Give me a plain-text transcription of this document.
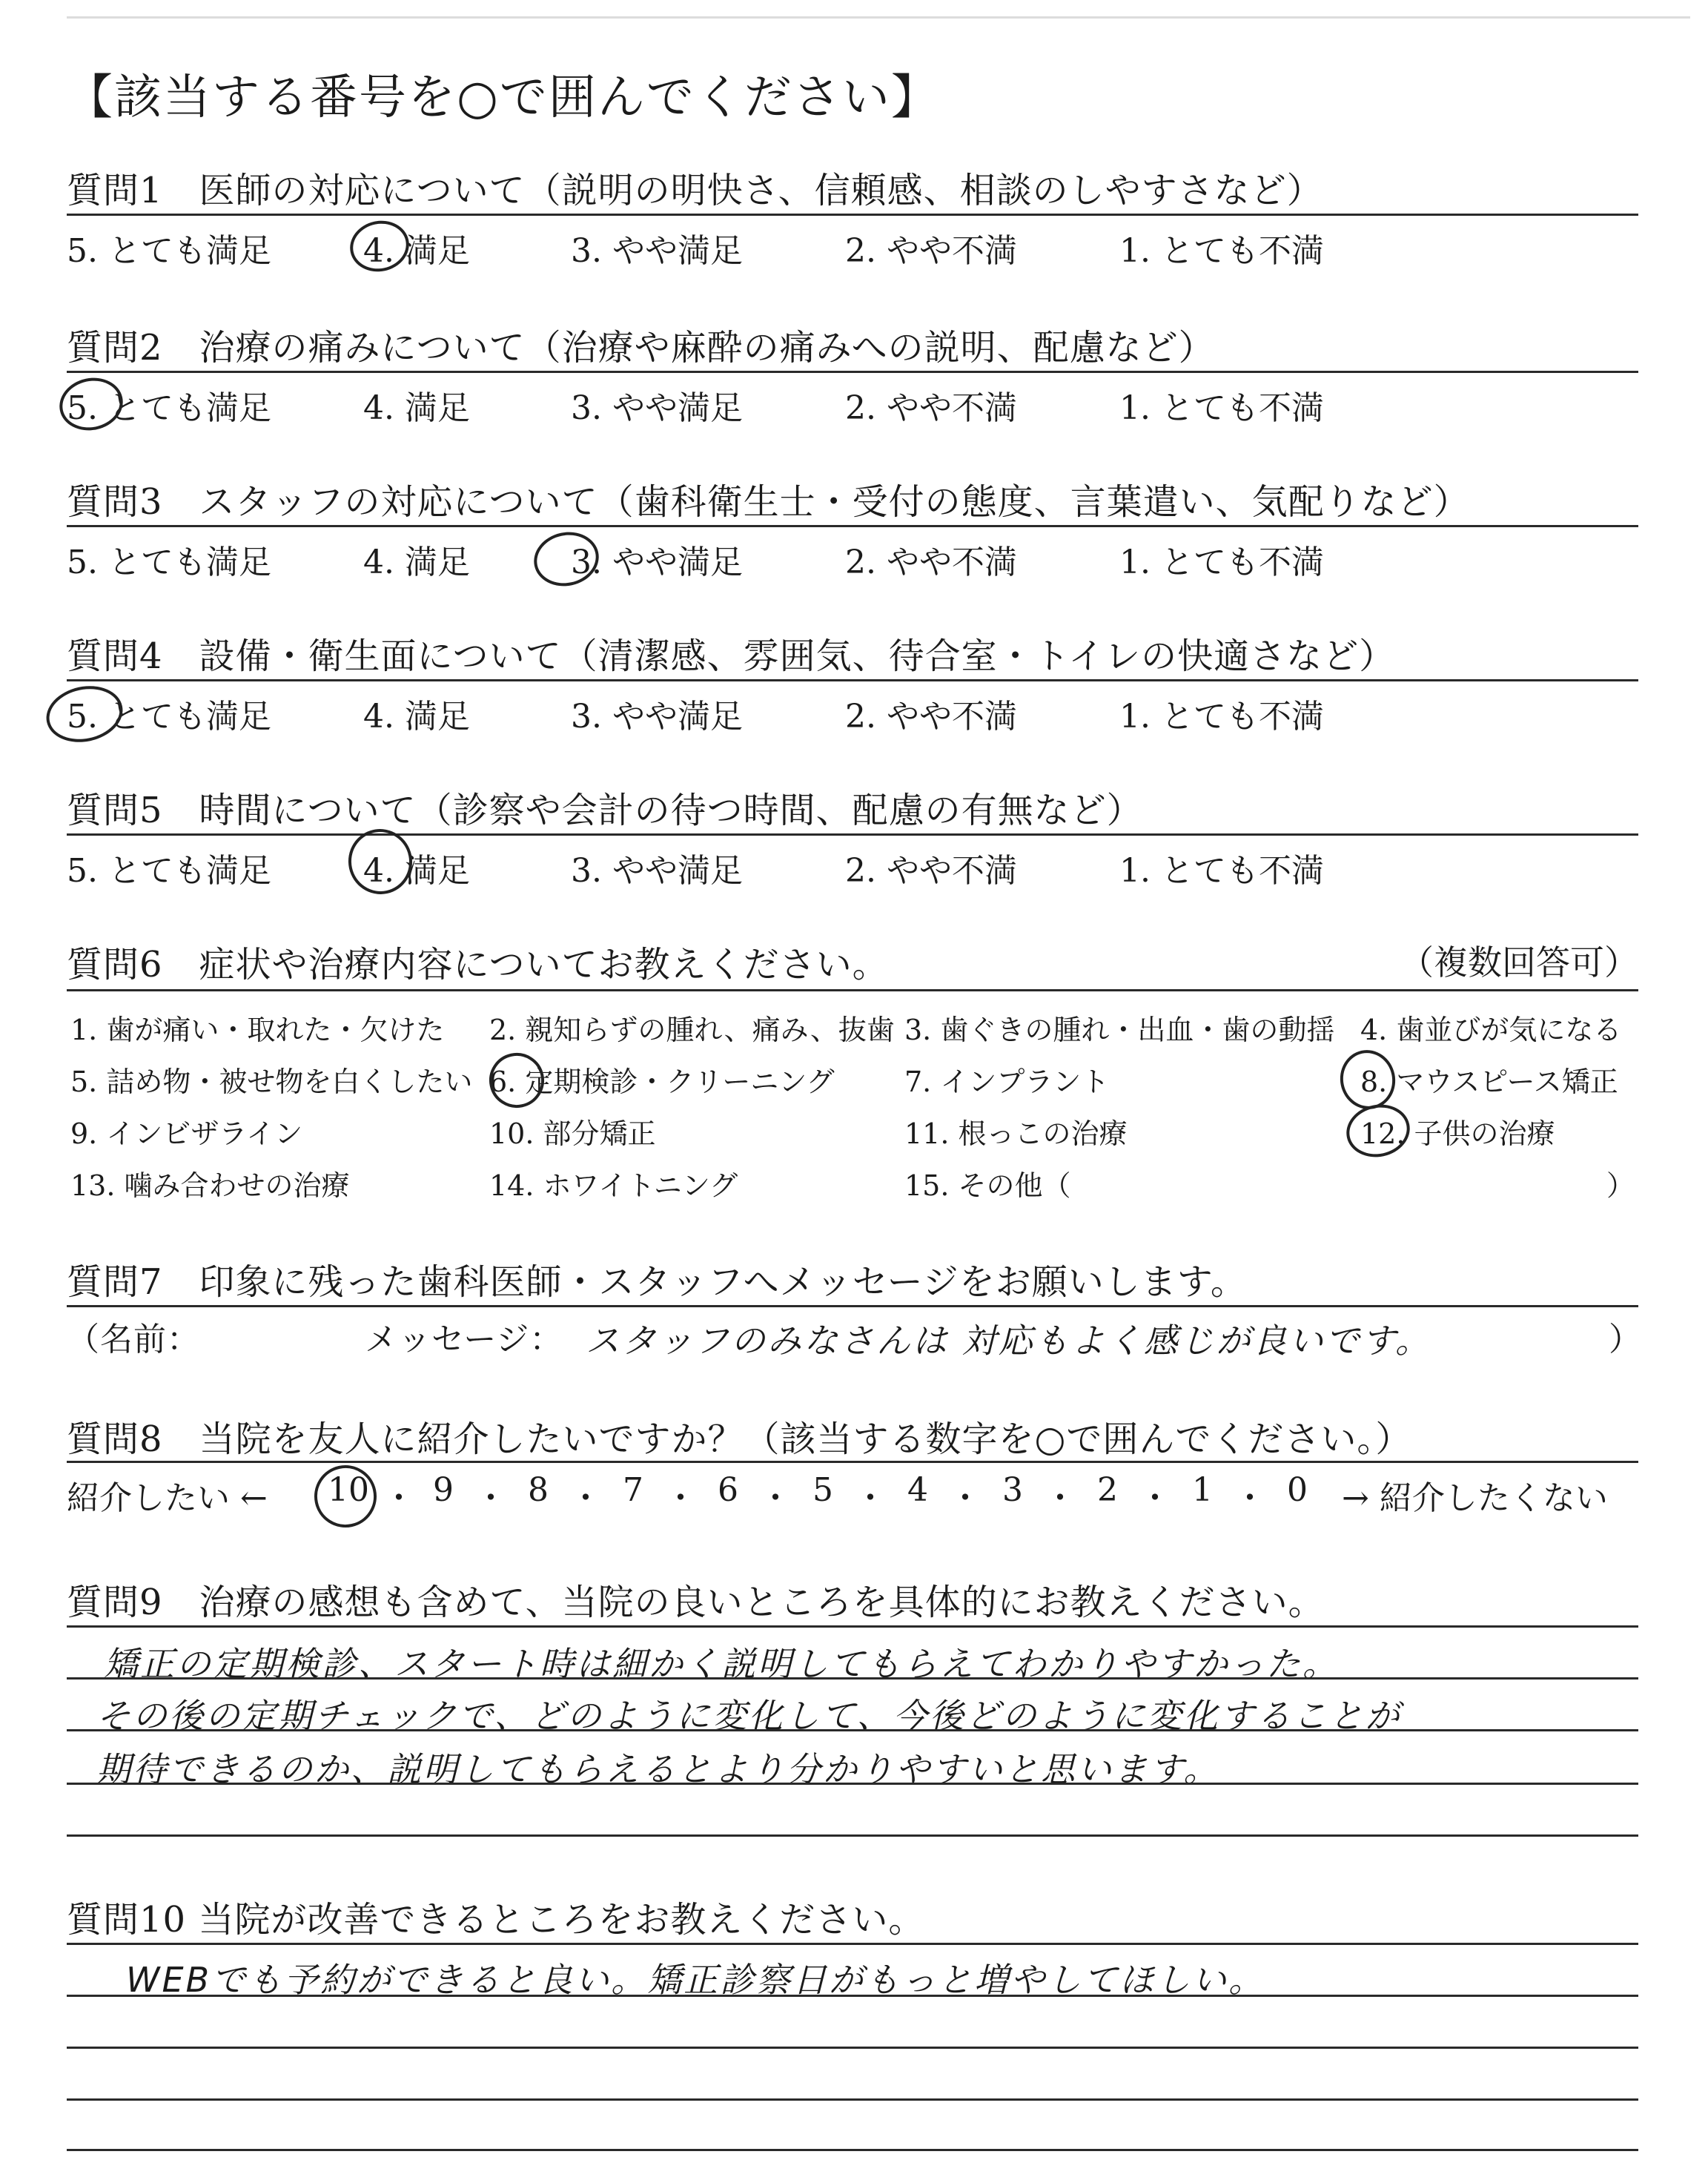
【該当する番号を○で囲んでください】
質問1　医師の対応について（説明の明快さ、信頼感、相談のしやすさなど）
5. とても満足	4. 満足	3. やや満足	2. やや不満	1. とても不満
質問2　治療の痛みについて（治療や麻酔の痛みへの説明、配慮など）
5. とても満足	4. 満足	3. やや満足	2. やや不満	1. とても不満
質問3　スタッフの対応について（歯科衛生士・受付の態度、言葉遣い、気配りなど）
5. とても満足	4. 満足	3. やや満足	2. やや不満	1. とても不満
質問4　設備・衛生面について（清潔感、雰囲気、待合室・トイレの快適さなど）
5. とても満足	4. 満足	3. やや満足	2. やや不満	1. とても不満
質問5　時間について（診察や会計の待つ時間、配慮の有無など）
5. とても満足	4. 満足	3. やや満足	2. やや不満	1. とても不満
質問6　症状や治療内容についてお教えください。	（複数回答可）
1. 歯が痛い・取れた・欠けた 2. 親知らずの腫れ、痛み、抜歯 3. 歯ぐきの腫れ・出血・歯の動揺 4. 歯並びが気になる
5. 詰め物・被せ物を白くしたい 6. 定期検診・クリーニング 7. インプラント	8. マウスピース矯正
9. インビザライン	10. 部分矯正	11. 根っこの治療	12. 子供の治療
13. 噛み合わせの治療	14. ホワイトニング	15. その他（	）
質問7　印象に残った歯科医師・スタッフへメッセージをお願いします。
（名前：	メッセージ： スタッフのみなさんは 対応もよく感じが良いです。	）
質問8　当院を友人に紹介したいですか？（該当する数字を○で囲んでください。）
紹介したい ← 10 ・ 9 ・ 8 ・ 7 ・ 6 ・ 5 ・ 4 ・ 3 ・ 2 ・ 1 ・ 0 → 紹介したくない
質問9　治療の感想も含めて、当院の良いところを具体的にお教えください。
矯正の定期検診、スタート時は細かく説明してもらえてわかりやすかった。
その後の定期チェックで、どのように変化して、今後どのように変化することが
期待できるのか、説明してもらえるとより分かりやすいと思います。
質問10 当院が改善できるところをお教えください。
WEBでも予約ができると良い。矯正診察日がもっと増やしてほしい。
